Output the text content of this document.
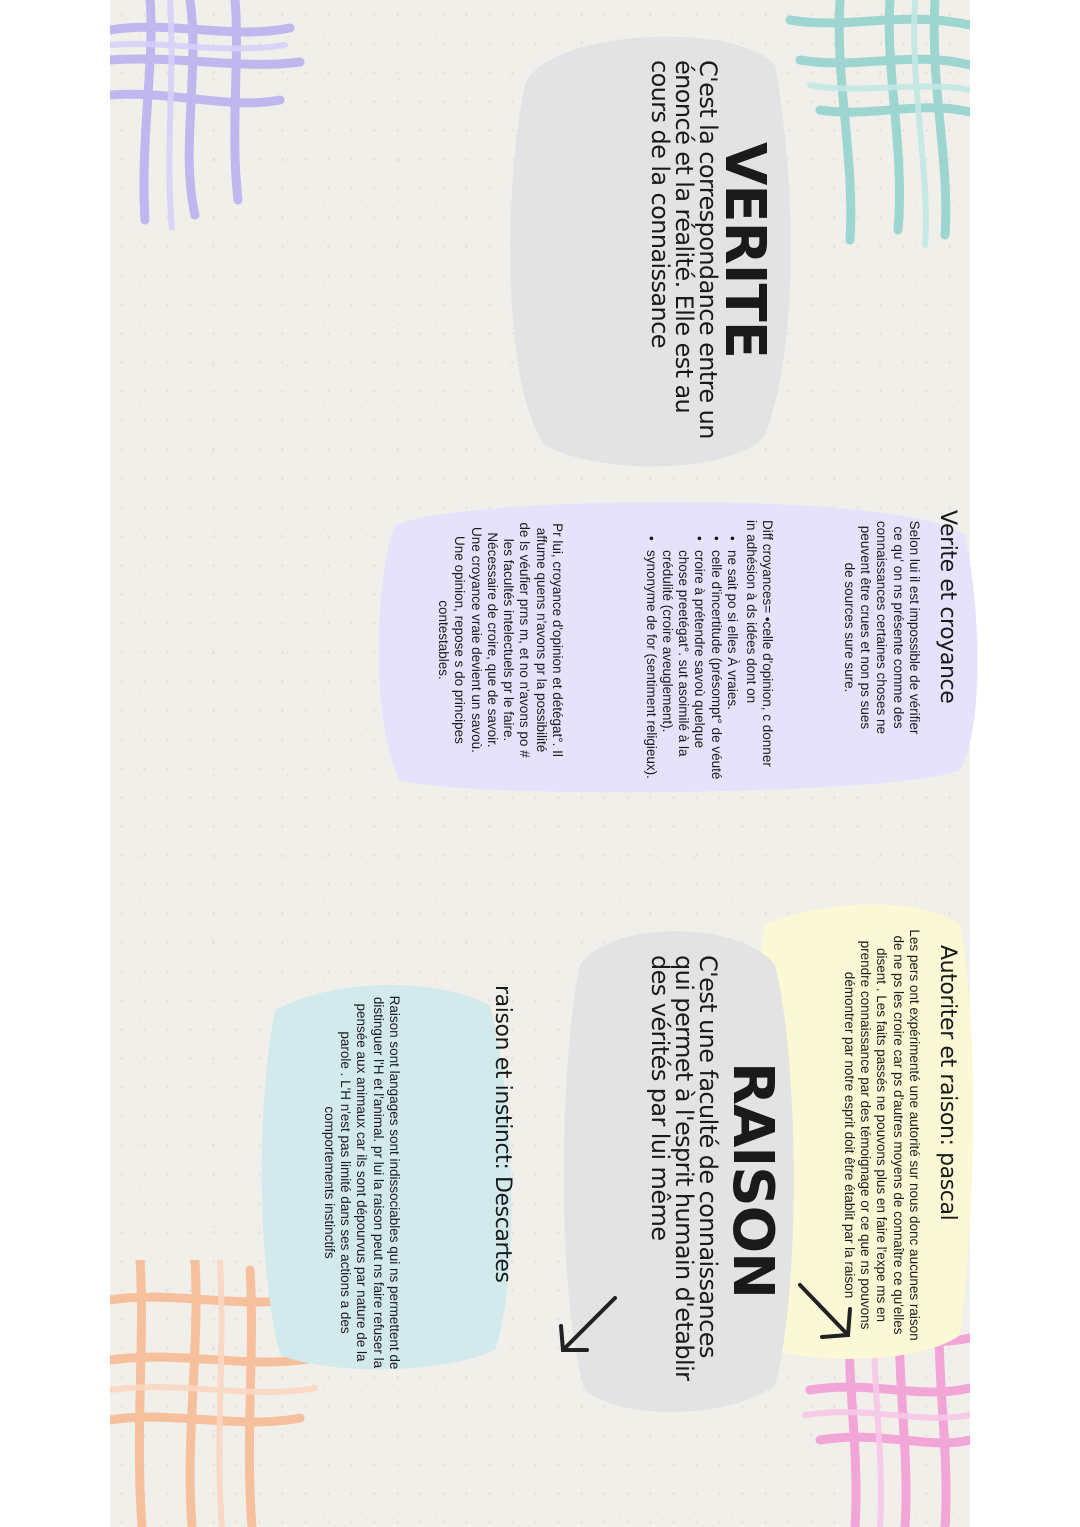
VERITE
C'est la correspondance entre un énoncé et la réalité. Elle est au cours de la connaissance
Verite et croyance
Selon lui il est impossible de vérifier ce qu' on ns présente comme des connaissances certaines choses ne peuvent être crues et non ps sues de sources sure sure.
Diff croyances= •celle d'opinion, c donner in adhésion à ds idées dont on
• ne sait po si elles À vraies.
• celle d'incertitude (présompt° de véuté
• croire à prétendre savoù quelque chose preetégat°. sut asoimilé à la crédulité (croire aveuglement).
• synonyme de for (sentiment religieux).
Pr lui, croyance d'opinion et détégat°. Il affume quens n'avons pr la possibilité de ls véufier prns m, et no n'avons po # les facultés intelectuels pr le faire. Nécessaire de croire, que de savoir. Une croyance vraie devient un savoù. Une opinion, repose s do principes contestables.
Autoriter et raison: pascal
Les pers ont expérimenté une autorité sur nous donc aucunes raison de ne ps les croire car ps d'autres moyens de connaître ce qu'elles disent . Les faits passés ne pouvons plus en faire l'expe ms en prendre connaissance par des témoignage or ce que ns pouvons démontrer par notre esprit doit être établit par la raison
RAISON
C'est une faculté de connaissances qui permet à l'esprit humain d'etablir des vérités par lui même
raison et instinct: Descartes
Raison sont langages sont indissociables qui ns permettent de distinguer l'H et l'animal. pr lui la raison peut ns faire refuser la pensée aux animaux car ils sont dépourvus par nature de la parole . L'H n'est pas limité dans ses actions a des comportements instinctifs
